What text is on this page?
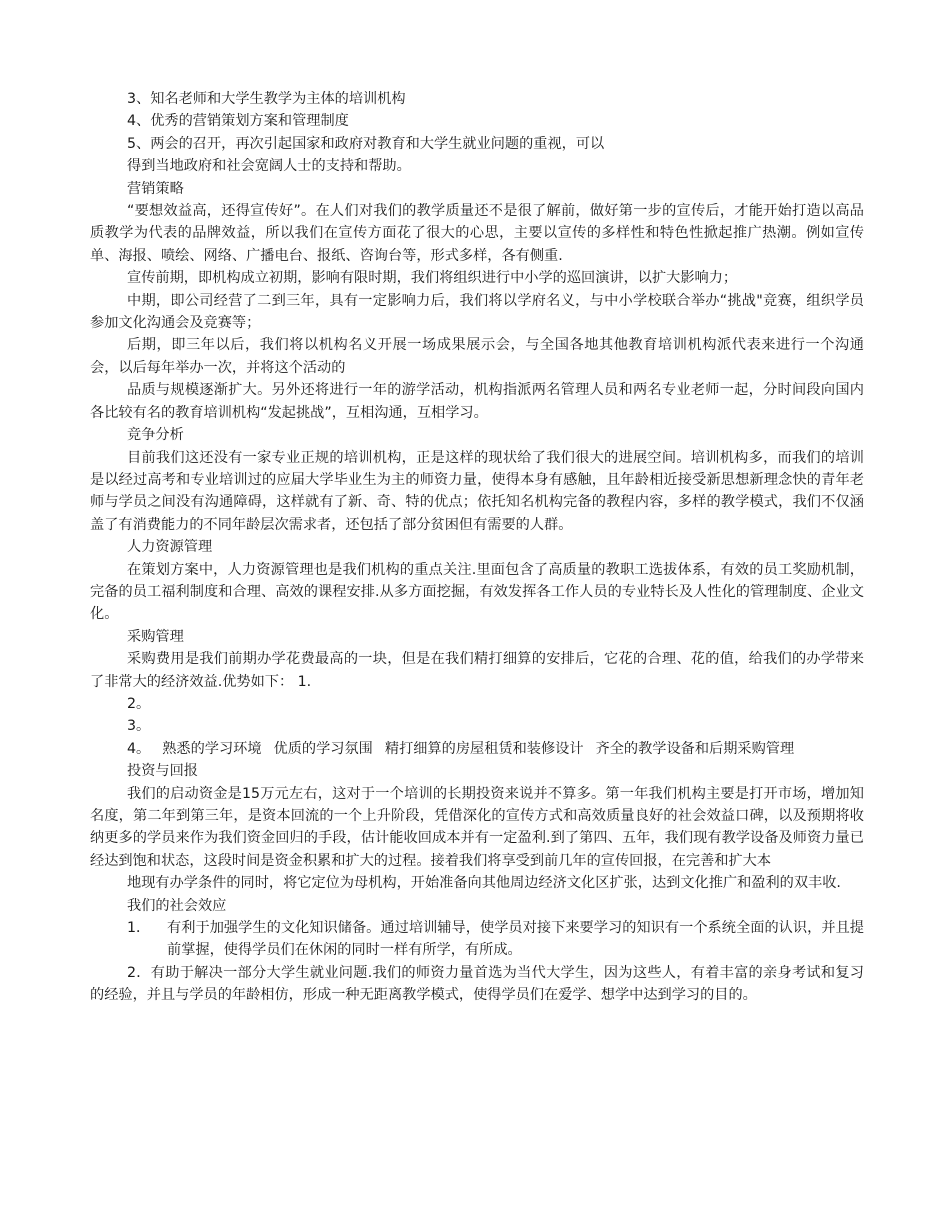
3、知名老师和大学生教学为主体的培训机构

4、优秀的营销策划方案和管理制度

5、两会的召开，再次引起国家和政府对教育和大学生就业问题的重视，可以

得到当地政府和社会宽阔人士的支持和帮助。

营销策略

“要想效益高，还得宣传好”。在人们对我们的教学质量还不是很了解前，做好第一步的宣传后，才能开始打造以高品质教学为代表的品牌效益，所以我们在宣传方面花了很大的心思，主要以宣传的多样性和特色性掀起推广热潮。例如宣传单、海报、喷绘、网络、广播电台、报纸、咨询台等，形式多样，各有侧重.

宣传前期，即机构成立初期，影响有限时期，我们将组织进行中小学的巡回演讲，以扩大影响力；

中期，即公司经营了二到三年，具有一定影响力后，我们将以学府名义，与中小学校联合举办“挑战"竞赛，组织学员参加文化沟通会及竞赛等；

后期，即三年以后，我们将以机构名义开展一场成果展示会，与全国各地其他教育培训机构派代表来进行一个沟通会，以后每年举办一次，并将这个活动的

品质与规模逐渐扩大。另外还将进行一年的游学活动，机构指派两名管理人员和两名专业老师一起，分时间段向国内各比较有名的教育培训机构“发起挑战”，互相沟通，互相学习。

竞争分析

目前我们这还没有一家专业正规的培训机构，正是这样的现状给了我们很大的进展空间。培训机构多，而我们的培训是以经过高考和专业培训过的应届大学毕业生为主的师资力量，使得本身有感触，且年龄相近接受新思想新理念快的青年老师与学员之间没有沟通障碍，这样就有了新、奇、特的优点；依托知名机构完备的教程内容，多样的教学模式，我们不仅涵盖了有消费能力的不同年龄层次需求者，还包括了部分贫困但有需要的人群。

人力资源管理

在策划方案中，人力资源管理也是我们机构的重点关注.里面包含了高质量的教职工选拔体系，有效的员工奖励机制，完备的员工福利制度和合理、高效的课程安排.从多方面挖掘，有效发挥各工作人员的专业特长及人性化的管理制度、企业文化。

采购管理

采购费用是我们前期办学花费最高的一块，但是在我们精打细算的安排后，它花的合理、花的值，给我们的办学带来了非常大的经济效益.优势如下： 1.

2。

3。

4。 熟悉的学习环境 优质的学习氛围 精打细算的房屋租赁和装修设计 齐全的教学设备和后期采购管理

投资与回报

我们的启动资金是15万元左右，这对于一个培训的长期投资来说并不算多。第一年我们机构主要是打开市场，增加知名度，第二年到第三年，是资本回流的一个上升阶段，凭借深化的宣传方式和高效质量良好的社会效益口碑，以及预期将收纳更多的学员来作为我们资金回归的手段，估计能收回成本并有一定盈利.到了第四、五年，我们现有教学设备及师资力量已经达到饱和状态，这段时间是资金积累和扩大的过程。接着我们将享受到前几年的宣传回报，在完善和扩大本

地现有办学条件的同时，将它定位为母机构，开始准备向其他周边经济文化区扩张，达到文化推广和盈利的双丰收.

我们的社会效应

1． 有利于加强学生的文化知识储备。通过培训辅导，使学员对接下来要学习的知识有一个系统全面的认识，并且提前掌握，使得学员们在休闲的同时一样有所学，有所成。

2．有助于解决一部分大学生就业问题.我们的师资力量首选为当代大学生，因为这些人，有着丰富的亲身考试和复习的经验，并且与学员的年龄相仿，形成一种无距离教学模式，使得学员们在爱学、想学中达到学习的目的。
